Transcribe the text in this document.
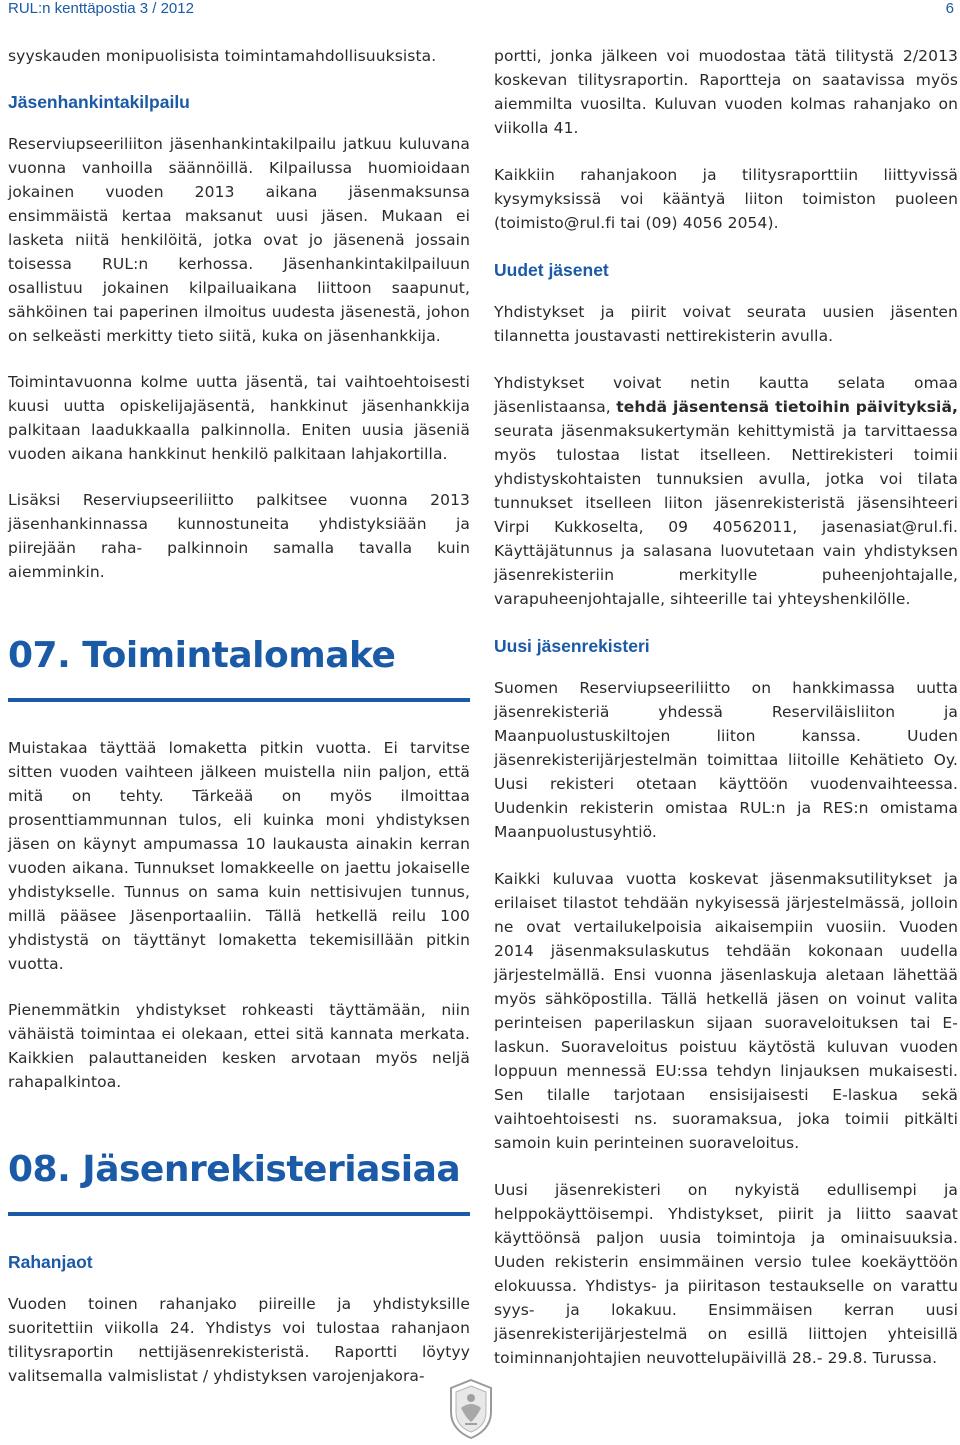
RUL:n kenttäpostia 3 / 2012	6

syyskauden monipuolisista toimintamahdollisuuksista.

Jäsenhankintakilpailu

Reserviupseeriliiton jäsenhankintakilpailu jatkuu kuluvana vuonna vanhoilla säännöillä. Kilpailussa huomioidaan jokainen vuoden 2013 aikana jäsenmaksunsa ensimmäistä kertaa maksanut uusi jäsen. Mukaan ei lasketa niitä henkilöitä, jotka ovat jo jäsenenä jossain toisessa RUL:n kerhossa. Jäsenhankintakilpailuun osallistuu jokainen kilpailuaikana liittoon saapunut, sähköinen tai paperinen ilmoitus uudesta jäsenestä, johon on selkeästi merkitty tieto siitä, kuka on jäsenhankkija.

Toimintavuonna kolme uutta jäsentä, tai vaihtoehtoisesti kuusi uutta opiskelijajäsentä, hankkinut jäsenhankkija palkitaan laadukkaalla palkinnolla. Eniten uusia jäseniä vuoden aikana hankkinut henkilö palkitaan lahjakortilla.

Lisäksi Reserviupseeriliitto palkitsee vuonna 2013 jäsenhankinnassa kunnostuneita yhdistyksiään ja piirejään raha- palkinnoin samalla tavalla kuin aiemminkin.

07. Toimintalomake

Muistakaa täyttää lomaketta pitkin vuotta. Ei tarvitse sitten vuoden vaihteen jälkeen muistella niin paljon, että mitä on tehty. Tärkeää on myös ilmoittaa prosenttiammunnan tulos, eli kuinka moni yhdistyksen jäsen on käynyt ampumassa 10 laukausta ainakin kerran vuoden aikana. Tunnukset lomakkeelle on jaettu jokaiselle yhdistykselle. Tunnus on sama kuin nettisivujen tunnus, millä pääsee Jäsenportaaliin. Tällä hetkellä reilu 100 yhdistystä on täyttänyt lomaketta tekemisillään pitkin vuotta.

Pienemmätkin yhdistykset rohkeasti täyttämään, niin vähäistä toimintaa ei olekaan, ettei sitä kannata merkata. Kaikkien palauttaneiden kesken arvotaan myös neljä rahapalkintoa.

08. Jäsenrekisteriasiaa
Rahanjaot

Vuoden toinen rahanjako piireille ja yhdistyksille suoritettiin viikolla 24. Yhdistys voi tulostaa rahanjaon tilitysraportin nettijäsenrekisteristä. Raportti löytyy valitsemalla valmislistat / yhdistyksen varojenjakora-

portti, jonka jälkeen voi muodostaa tätä tilitystä 2/2013 koskevan tilitysraportin. Raportteja on saatavissa myös aiemmilta vuosilta. Kuluvan vuoden kolmas rahanjako on viikolla 41.

Kaikkiin rahanjakoon ja tilitysraporttiin liittyvissä kysymyksissä voi kääntyä liiton toimiston puoleen (toimisto@rul.fi tai (09) 4056 2054).

Uudet jäsenet

Yhdistykset ja piirit voivat seurata uusien jäsenten tilannetta joustavasti nettirekisterin avulla.

Yhdistykset voivat netin kautta selata omaa jäsenlistaansa, tehdä jäsentensä tietoihin päivityksiä, seurata jäsenmaksukertymän kehittymistä ja tarvittaessa myös tulostaa listat itselleen. Nettirekisteri toimii yhdistyskohtaisten tunnuksien avulla, jotka voi tilata tunnukset itselleen liiton jäsenrekisteristä jäsensihteeri Virpi Kukkoselta, 09 40562011, jasenasiat@rul.fi. Käyttäjätunnus ja salasana luovutetaan vain yhdistyksen jäsenrekisteriin merkitylle puheenjohtajalle, varapuheenjohtajalle, sihteerille tai yhteyshenkilölle.

Uusi jäsenrekisteri

Suomen Reserviupseeriliitto on hankkimassa uutta jäsenrekisteriä yhdessä Reserviläisliiton ja Maanpuolustuskiltojen liiton kanssa. Uuden jäsenrekisterijärjestelmän toimittaa liitoille Kehätieto Oy. Uusi rekisteri otetaan käyttöön vuodenvaihteessa. Uudenkin rekisterin omistaa RUL:n ja RES:n omistama Maanpuolustusyhtiö.

Kaikki kuluvaa vuotta koskevat jäsenmaksutilitykset ja erilaiset tilastot tehdään nykyisessä järjestelmässä, jolloin ne ovat vertailukelpoisia aikaisempiin vuosiin. Vuoden 2014 jäsenmaksulaskutus tehdään kokonaan uudella järjestelmällä. Ensi vuonna jäsenlaskuja aletaan lähettää myös sähköpostilla. Tällä hetkellä jäsen on voinut valita perinteisen paperilaskun sijaan suoraveloituksen tai E-laskun. Suoraveloitus poistuu käytöstä kuluvan vuoden loppuun mennessä EU:ssa tehdyn linjauksen mukaisesti. Sen tilalle tarjotaan ensisijaisesti E-laskua sekä vaihtoehtoisesti ns. suoramaksua, joka toimii pitkälti samoin kuin perinteinen suoraveloitus.

Uusi jäsenrekisteri on nykyistä edullisempi ja helppokäyttöisempi. Yhdistykset, piirit ja liitto saavat käyttöönsä paljon uusia toimintoja ja ominaisuuksia. Uuden rekisterin ensimmäinen versio tulee koekäyttöön elokuussa. Yhdistys- ja piiritason testaukselle on varattu syys- ja lokakuu. Ensimmäisen kerran uusi jäsenrekisterijärjestelmä on esillä liittojen yhteisillä toiminnanjohtajien neuvottelupäivillä 28.- 29.8. Turussa.
